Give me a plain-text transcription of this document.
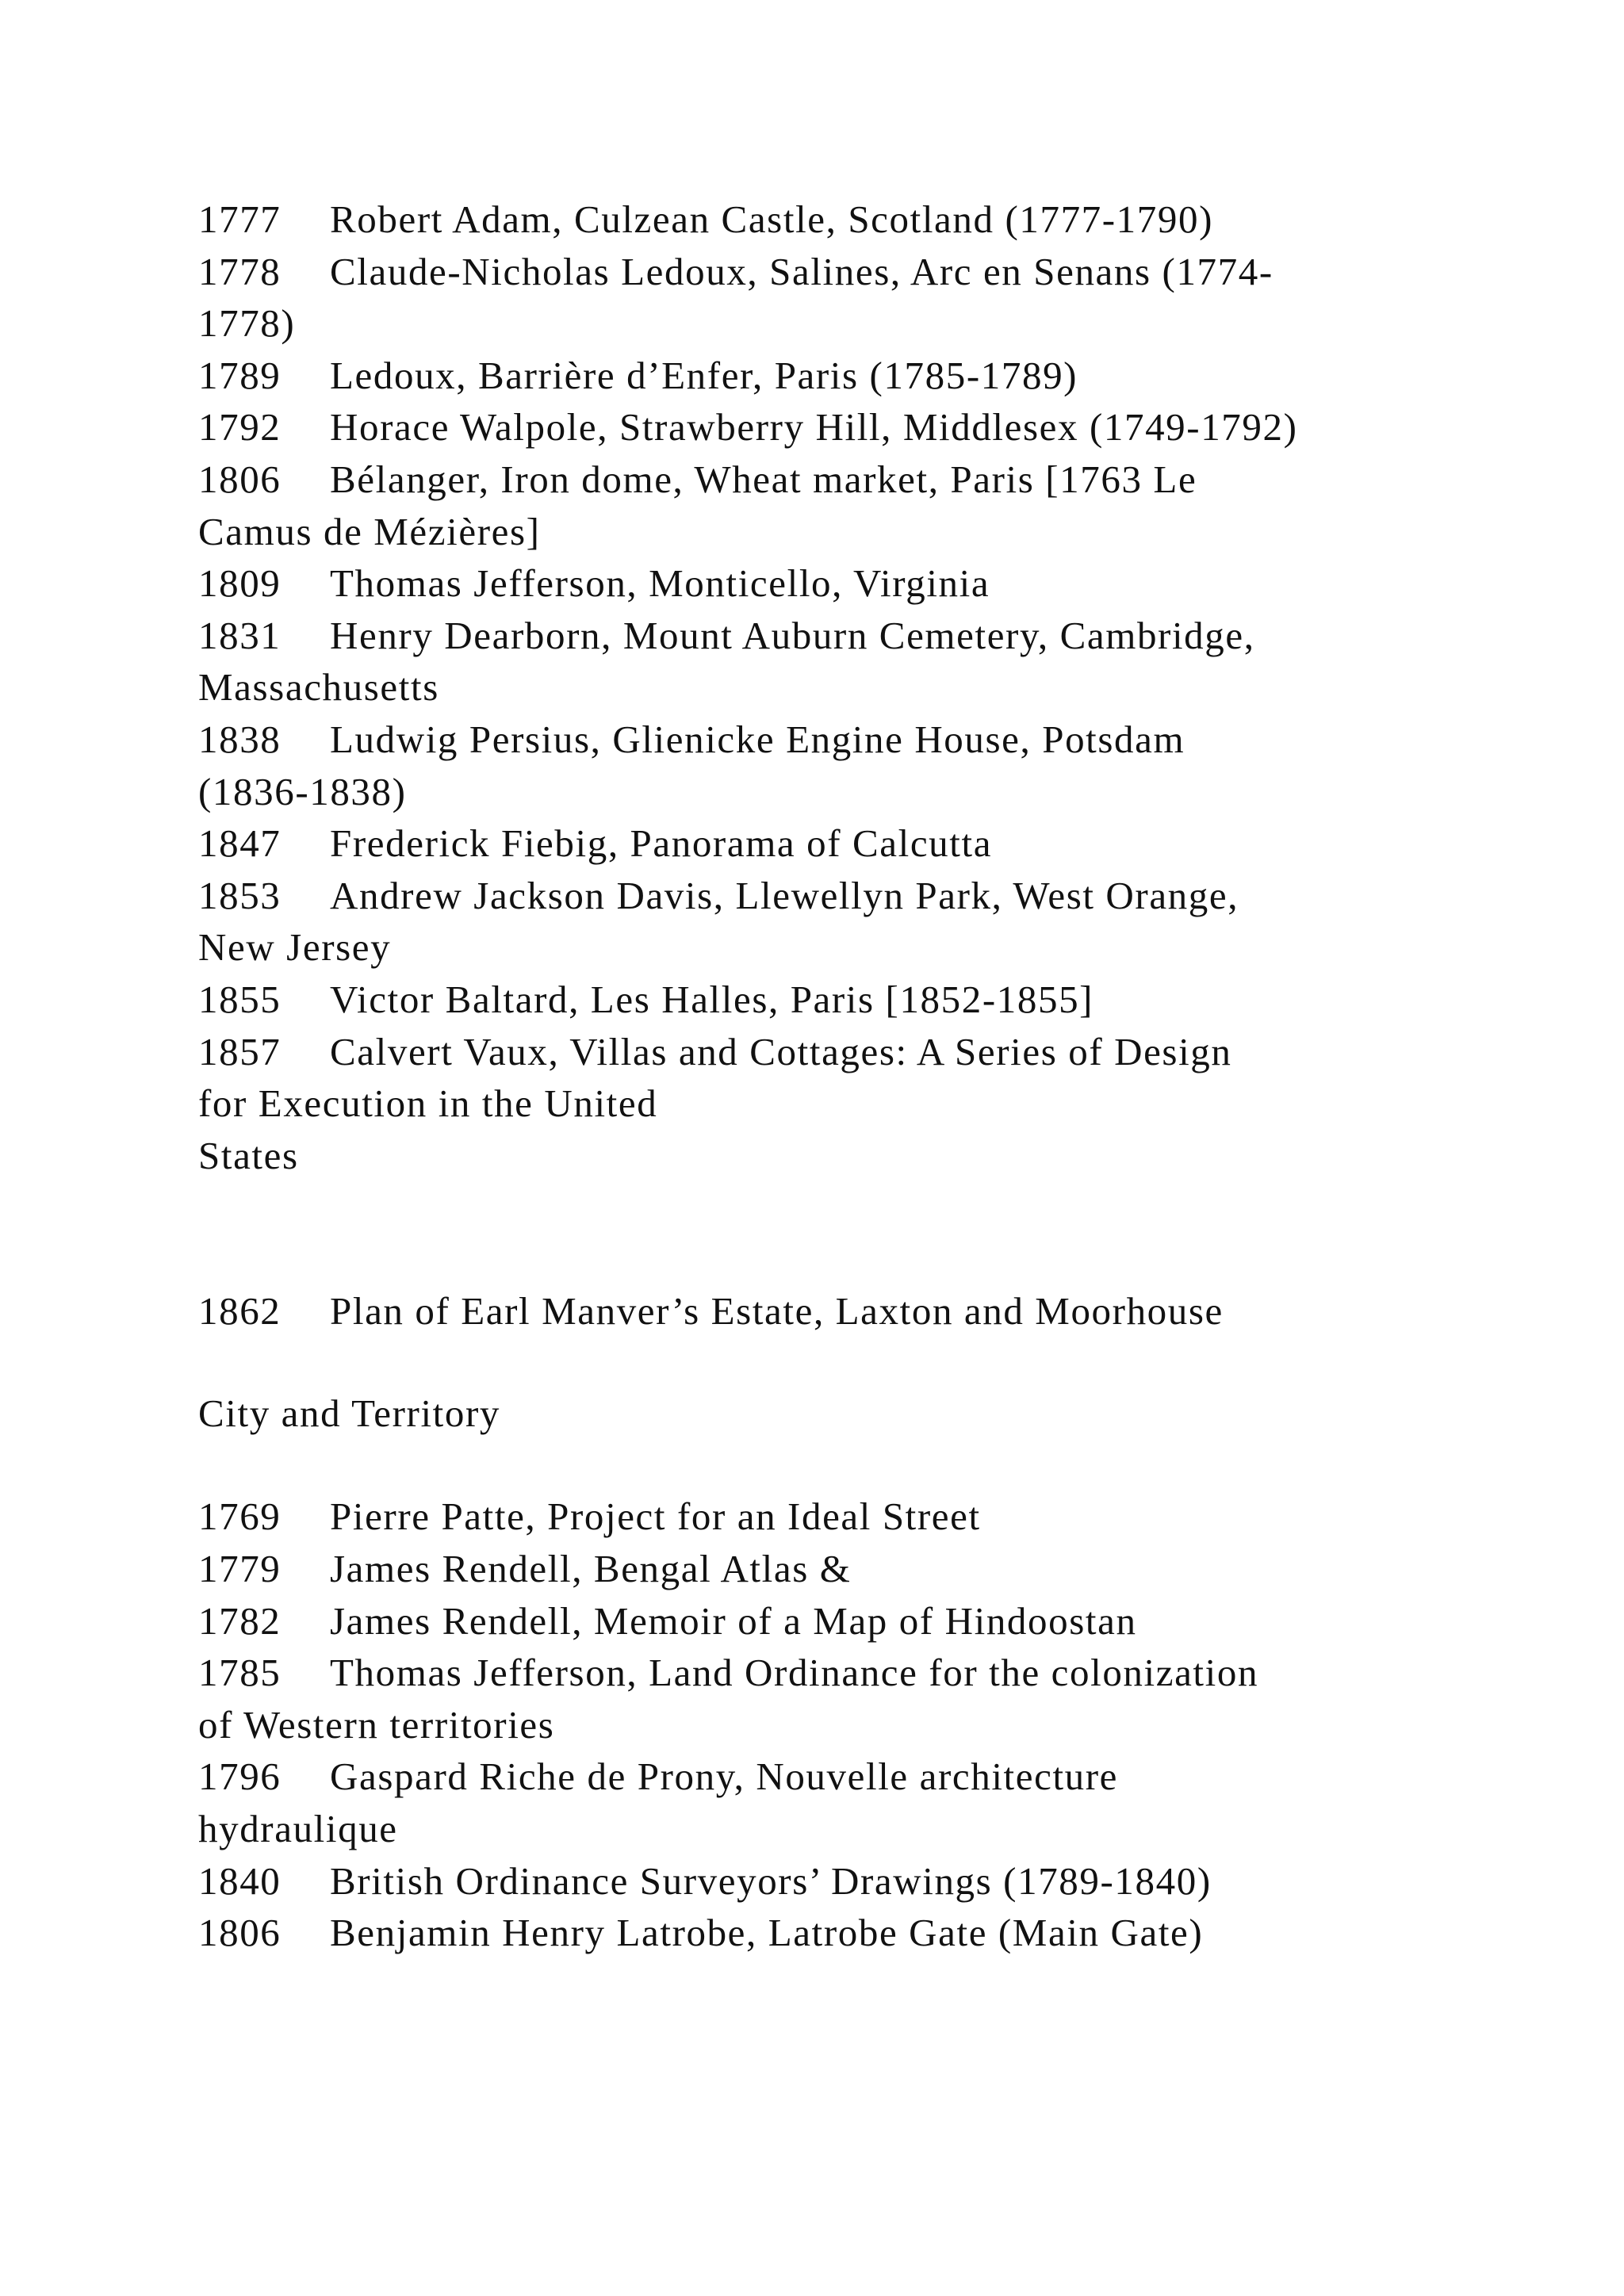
1777 Robert Adam, Culzean Castle, Scotland (1777-1790)
1778 Claude-Nicholas Ledoux, Salines, Arc en Senans (1774-
1778)
1789 Ledoux, Barrière d’Enfer, Paris (1785-1789)
1792 Horace Walpole, Strawberry Hill, Middlesex (1749-1792)
1806 Bélanger, Iron dome, Wheat market, Paris [1763 Le
Camus de Mézières]
1809 Thomas Jefferson, Monticello, Virginia
1831 Henry Dearborn, Mount Auburn Cemetery, Cambridge,
Massachusetts
1838 Ludwig Persius, Glienicke Engine House, Potsdam
(1836-1838)
1847 Frederick Fiebig, Panorama of Calcutta
1853 Andrew Jackson Davis, Llewellyn Park, West Orange,
New Jersey
1855 Victor Baltard, Les Halles, Paris [1852-1855]
1857 Calvert Vaux, Villas and Cottages: A Series of Design
for Execution in the United
States
1862 Plan of Earl Manver’s Estate, Laxton and Moorhouse
City and Territory
1769 Pierre Patte, Project for an Ideal Street
1779 James Rendell, Bengal Atlas &
1782 James Rendell, Memoir of a Map of Hindoostan
1785 Thomas Jefferson, Land Ordinance for the colonization
of Western territories
1796 Gaspard Riche de Prony, Nouvelle architecture
hydraulique
1840 British Ordinance Surveyors’ Drawings (1789-1840)
1806 Benjamin Henry Latrobe, Latrobe Gate (Main Gate)
